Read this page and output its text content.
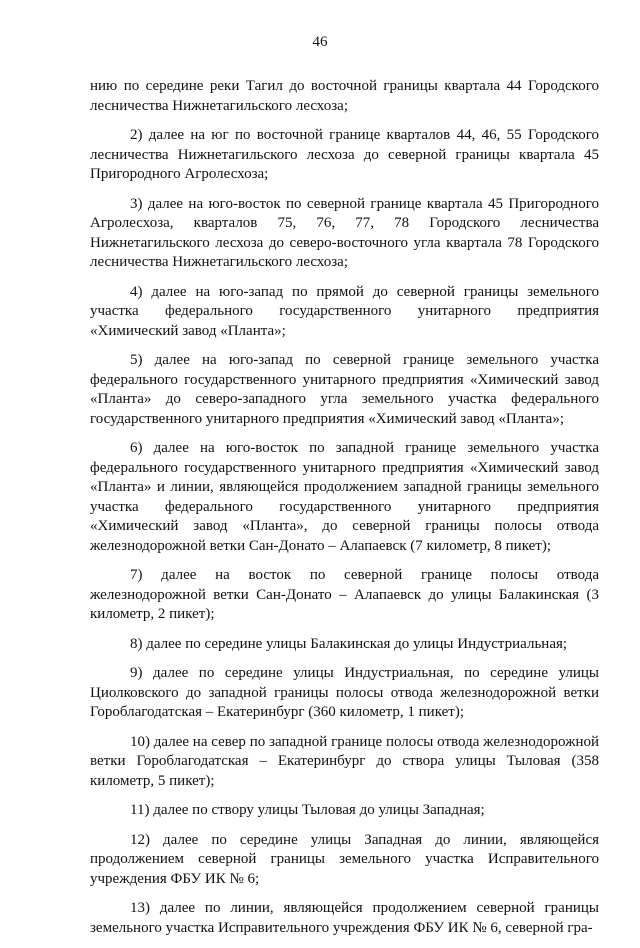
46

нию по середине реки Тагил до восточной границы квартала 44 Городского лесничества Нижнетагильского лесхоза;

2) далее на юг по восточной границе кварталов 44, 46, 55 Городского лесничества Нижнетагильского лесхоза до северной границы квартала 45 Пригородного Агролесхоза;

3) далее на юго-восток по северной границе квартала 45 Пригородного Агролесхоза, кварталов 75, 76, 77, 78 Городского лесничества Нижнетагильского лесхоза до северо-восточного угла квартала 78 Городского лесничества Нижнетагильского лесхоза;

4) далее на юго-запад по прямой до северной границы земельного участка федерального государственного унитарного предприятия «Химический завод «Планта»;

5) далее на юго-запад по северной границе земельного участка федерального государственного унитарного предприятия «Химический завод «Планта» до северо-западного угла земельного участка федерального государственного унитарного предприятия «Химический завод «Планта»;

6) далее на юго-восток по западной границе земельного участка федерального государственного унитарного предприятия «Химический завод «Планта» и линии, являющейся продолжением западной границы земельного участка федерального государственного унитарного предприятия «Химический завод «Планта», до северной границы полосы отвода железнодорожной ветки Сан-Донато – Алапаевск (7 километр, 8 пикет);

7) далее на восток по северной границе полосы отвода железнодорожной ветки Сан-Донато – Алапаевск до улицы Балакинская (3 километр, 2 пикет);

8) далее по середине улицы Балакинская до улицы Индустриальная;

9) далее по середине улицы Индустриальная, по середине улицы Циолковского до западной границы полосы отвода железнодорожной ветки Гороблагодатская – Екатеринбург (360 километр, 1 пикет);

10) далее на север по западной границе полосы отвода железнодорожной ветки Гороблагодатская – Екатеринбург до створа улицы Тыловая (358 километр, 5 пикет);

11) далее по створу улицы Тыловая до улицы Западная;

12) далее по середине улицы Западная до линии, являющейся продолжением северной границы земельного участка Исправительного учреждения ФБУ ИК № 6;

13) далее по линии, являющейся продолжением северной границы земельного участка Исправительного учреждения ФБУ ИК № 6, северной гра-
